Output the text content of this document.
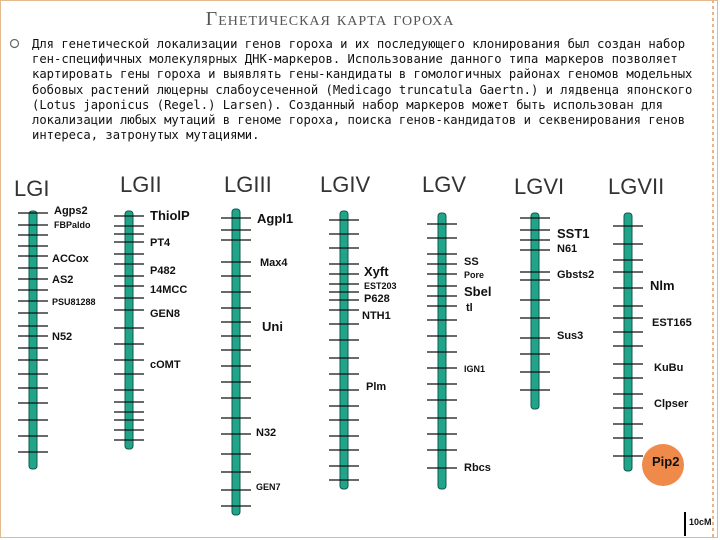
Генетическая карта гороха
Для генетической локализации генов гороха и их последующего клонирования был создан набор ген-специфичных молекулярных ДНК-маркеров. Использование данного типа маркеров позволяет картировать гены гороха и выявлять гены-кандидаты в гомологичных районах геномов модельных бобовых растений люцерны слабоусеченной (Medicago truncatula Gaertn.) и лядвенца японского (Lotus japonicus (Regel.) Larsen). Созданный набор маркеров может быть использован для локализации любых мутаций в геноме гороха, поиска генов-кандидатов и секвенирования генов интереса, затронутых мутациями.
LGI
Agps2
FBPaldo
ACCox
AS2
PSU81288
N52
LGII
ThiolP
PT4
P482
14MCC
GEN8
cOMT
LGIII
Agpl1
Max4
Uni
N32
GEN7
LGIV
Xyft
EST203
P628
NTH1
Plm
LGV
SS
Pore
Sbel
tl
IGN1
Rbcs
LGVI
SST1
N61
Gbsts2
Sus3
LGVII
Nlm
EST165
KuBu
Clpser
Pip2
10cM
